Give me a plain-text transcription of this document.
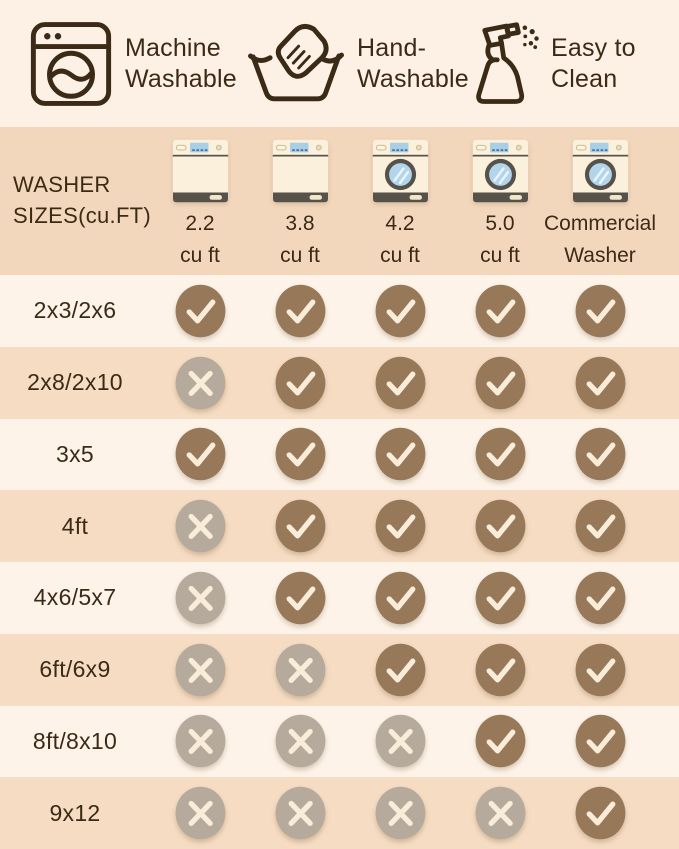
Machine Washable
Hand-Washable
Easy to Clean
WASHER SIZES(cu.FT) 2.2
cu ft
3.8
cu ft
4.2
cu ft
5.0
cu ft
Commercial
Washer
2x3/2x6
2x8/2x10
3x5
4ft
4x6/5x7
6ft/6x9
8ft/8x10
9x12
